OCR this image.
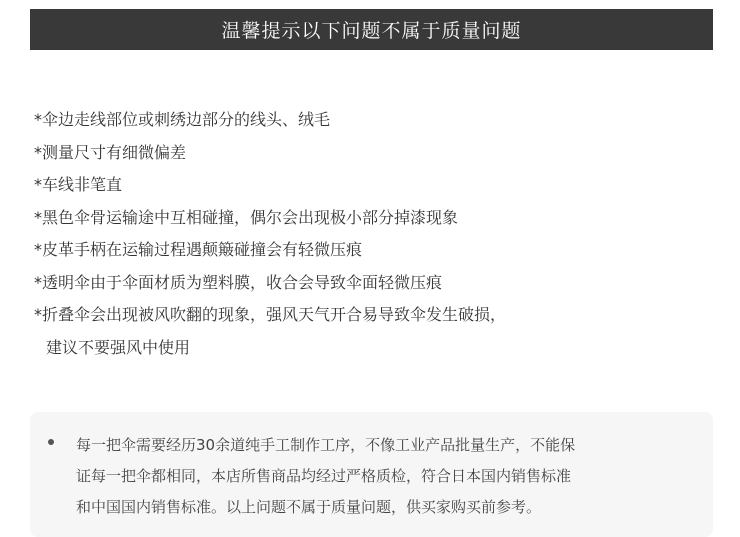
温馨提示以下问题不属于质量问题
*伞边走线部位或刺绣边部分的线头、绒毛
*测量尺寸有细微偏差
*车线非笔直
*黑色伞骨运输途中互相碰撞，偶尔会出现极小部分掉漆现象
*皮革手柄在运输过程遇颠簸碰撞会有轻微压痕
*透明伞由于伞面材质为塑料膜，收合会导致伞面轻微压痕
*折叠伞会出现被风吹翻的现象，强风天气开合易导致伞发生破损，
建议不要强风中使用

每一把伞需要经历30余道纯手工制作工序，不像工业产品批量生产，不能保
证每一把伞都相同，本店所售商品均经过严格质检，符合日本国内销售标准
和中国国内销售标准。以上问题不属于质量问题，供买家购买前参考。
